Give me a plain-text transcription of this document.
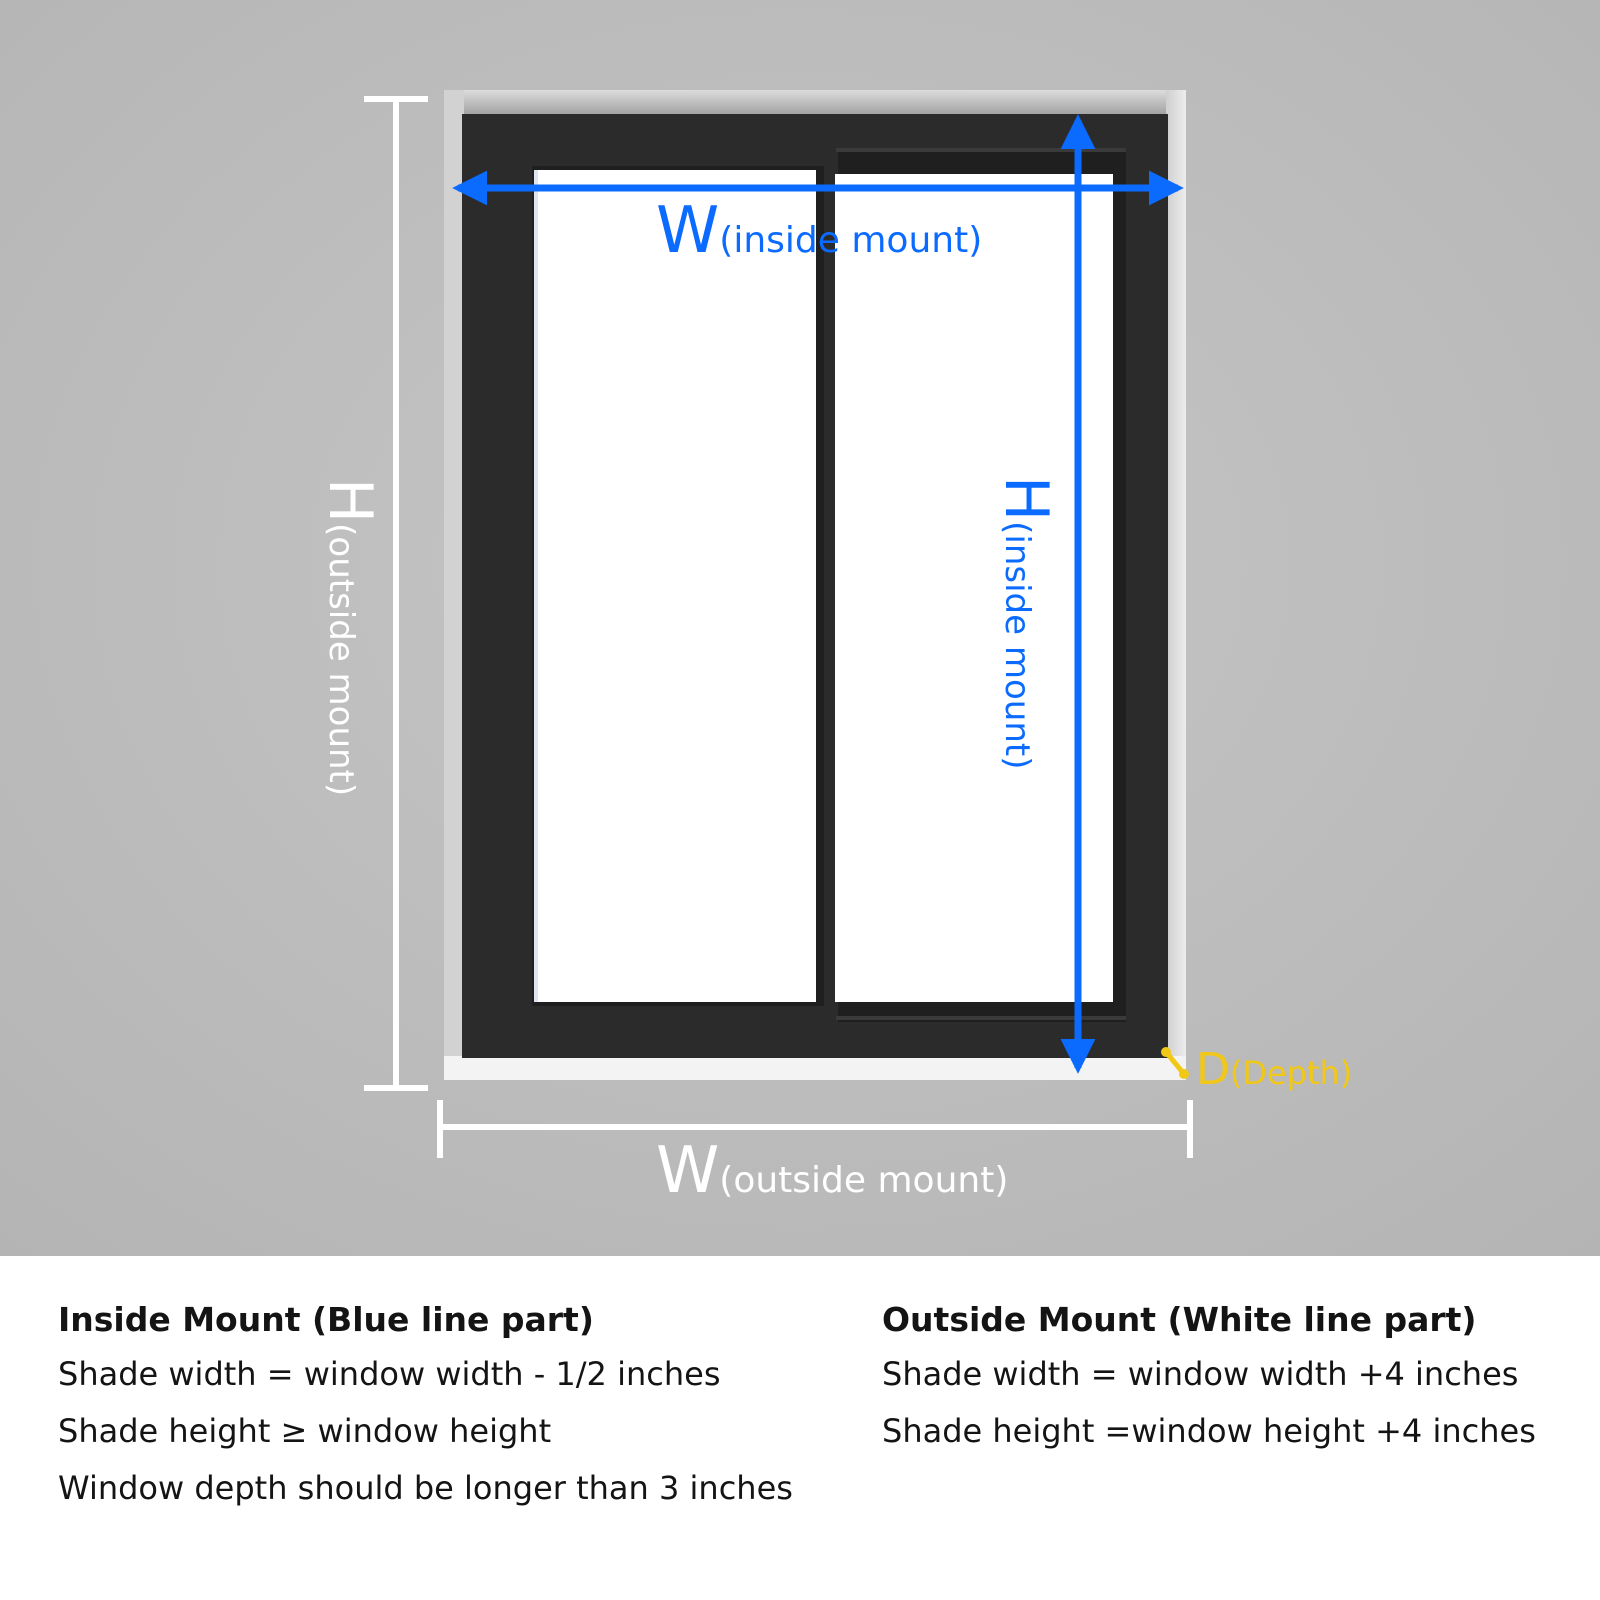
W(inside mount)
H(inside mount)
H(outside mount)
W(outside mount)
D(Depth)
Inside Mount (Blue line part)
Shade width = window width - 1/2 inches
Shade height ≥ window height
Window depth should be longer than 3 inches
Outside Mount (White line part)
Shade width = window width +4 inches
Shade height =window height +4 inches
